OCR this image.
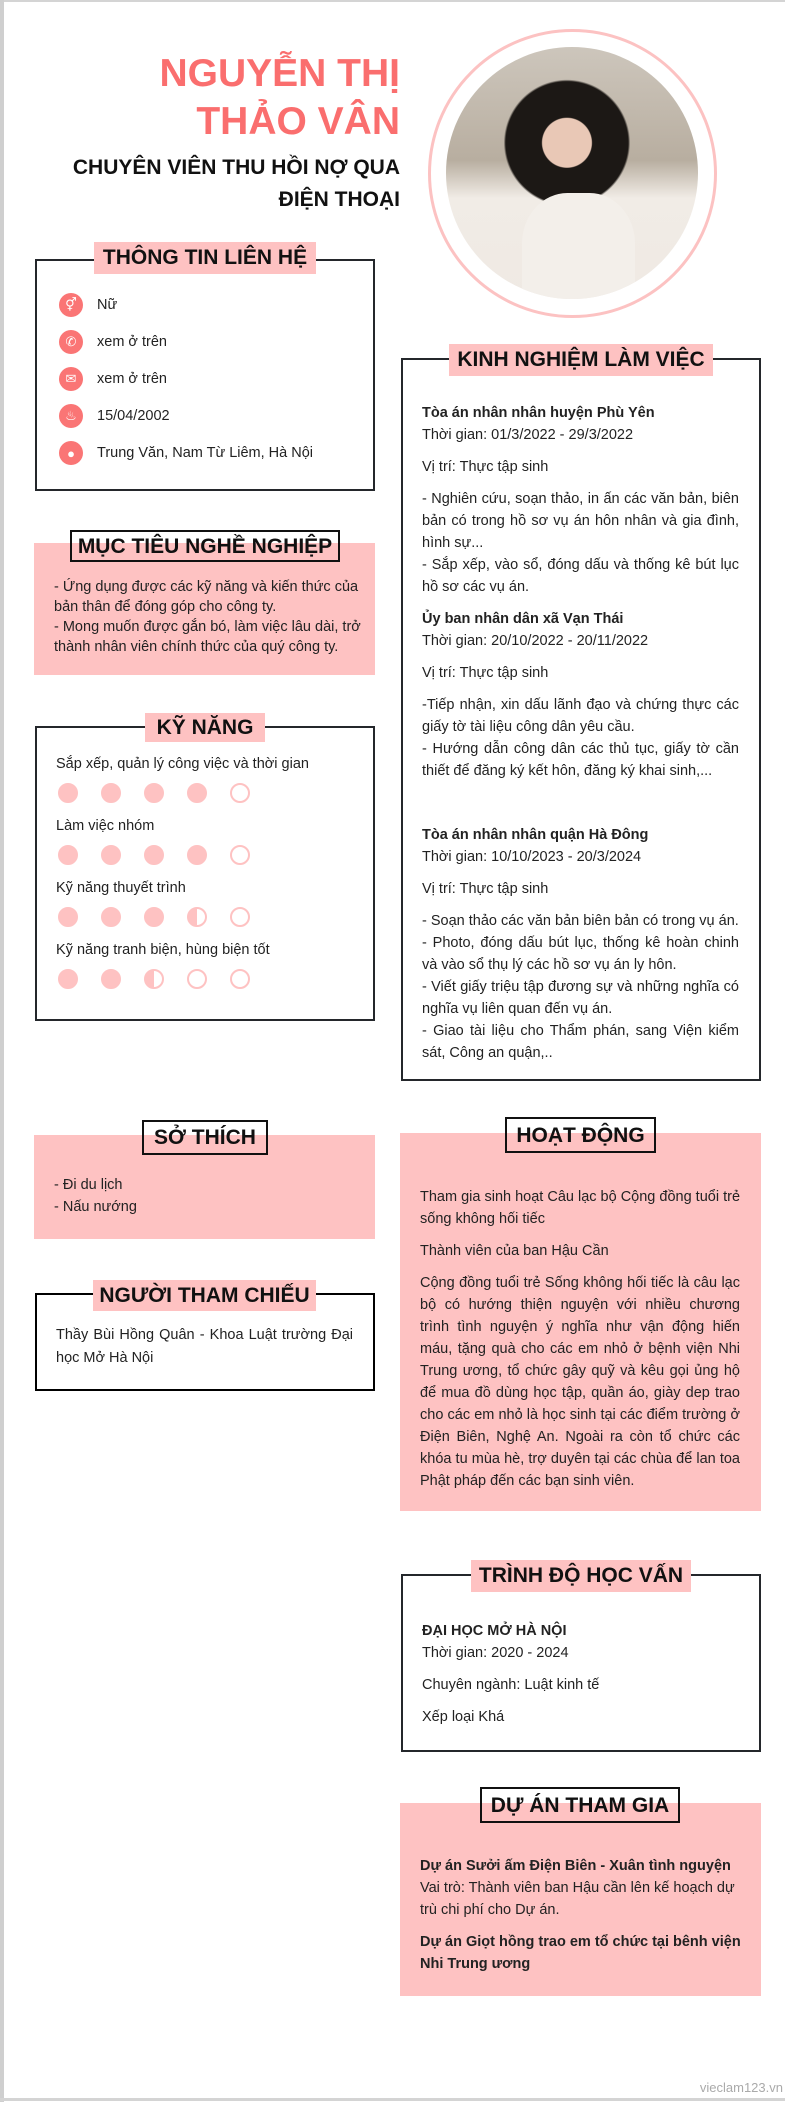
NGUYỄN THỊ THẢO VÂN
CHUYÊN VIÊN THU HỒI NỢ QUA ĐIỆN THOẠI
THÔNG TIN LIÊN HỆ
⚥	Nữ
✆	xem ở trên
✉	xem ở trên
♨	15/04/2002
●	Trung Văn, Nam Từ Liêm, Hà Nội
MỤC TIÊU NGHỀ NGHIỆP
- Ứng dụng được các kỹ năng và kiến thức của bản thân để đóng góp cho công ty.
- Mong muốn được gắn bó, làm việc lâu dài, trở thành nhân viên chính thức của quý công ty.
KỸ NĂNG
Sắp xếp, quản lý công việc và thời gian
Làm việc nhóm
Kỹ năng thuyết trình
Kỹ năng tranh biện, hùng biện tốt
SỞ THÍCH
- Đi du lịch
- Nấu nướng
NGƯỜI THAM CHIẾU
Thầy Bùi Hồng Quân - Khoa Luật trường Đại học Mở Hà Nội
KINH NGHIỆM LÀM VIỆC
Tòa án nhân nhân huyện Phù Yên
Thời gian: 01/3/2022 - 29/3/2022
Vị trí: Thực tập sinh
- Nghiên cứu, soạn thảo, in ấn các văn bản, biên bản có trong hồ sơ vụ án hôn nhân và gia đình, hình sự...
- Sắp xếp, vào sổ, đóng dấu và thống kê bút lục hồ sơ các vụ án.
Ủy ban nhân dân xã Vạn Thái
Thời gian: 20/10/2022 - 20/11/2022
Vị trí: Thực tập sinh
-Tiếp nhận, xin dấu lãnh đạo và chứng thực các giấy tờ tài liệu công dân yêu cầu.
- Hướng dẫn công dân các thủ tục, giấy tờ cần thiết để đăng ký kết hôn, đăng ký khai sinh,...
Tòa án nhân nhân quận Hà Đông
Thời gian: 10/10/2023 - 20/3/2024
Vị trí: Thực tập sinh
- Soạn thảo các văn bản biên bản có trong vụ án.
- Photo, đóng dấu bút lục, thống kê hoàn chinh và vào sổ thụ lý các hồ sơ vụ án ly hôn.
- Viết giấy triệu tập đương sự và những nghĩa có nghĩa vụ liên quan đến vụ án.
- Giao tài liệu cho Thẩm phán, sang Viện kiểm sát, Công an quận,..
HOẠT ĐỘNG
Tham gia sinh hoạt Câu lạc bộ Cộng đồng tuổi trẻ sống không hối tiếc
Thành viên của ban Hậu Cần
Cộng đồng tuổi trẻ Sống không hối tiếc là câu lạc bộ có hướng thiện nguyện với nhiều chương trình tình nguyện ý nghĩa như vận động hiến máu, tặng quà cho các em nhỏ ở bệnh viện Nhi Trung ương, tổ chức gây quỹ và kêu gọi ủng hộ để mua đồ dùng học tập, quần áo, giày dep trao cho các em nhỏ là học sinh tại các điểm trường ở Điện Biên, Nghệ An. Ngoài ra còn tổ chức các khóa tu mùa hè, trợ duyên tại các chùa để lan toa Phật pháp đến các bạn sinh viên.
TRÌNH ĐỘ HỌC VẤN
ĐẠI HỌC MỞ HÀ NỘI
Thời gian: 2020 - 2024
Chuyên ngành: Luật kinh tế
Xếp loại Khá
DỰ ÁN THAM GIA
Dự án Sưởi ấm Điện Biên - Xuân tình nguyện
Vai trò: Thành viên ban Hậu cần lên kế hoạch dự trù chi phí cho Dự án.
Dự án Giọt hồng trao em tổ chức tại bênh viện Nhi Trung ương
vieclam123.vn
